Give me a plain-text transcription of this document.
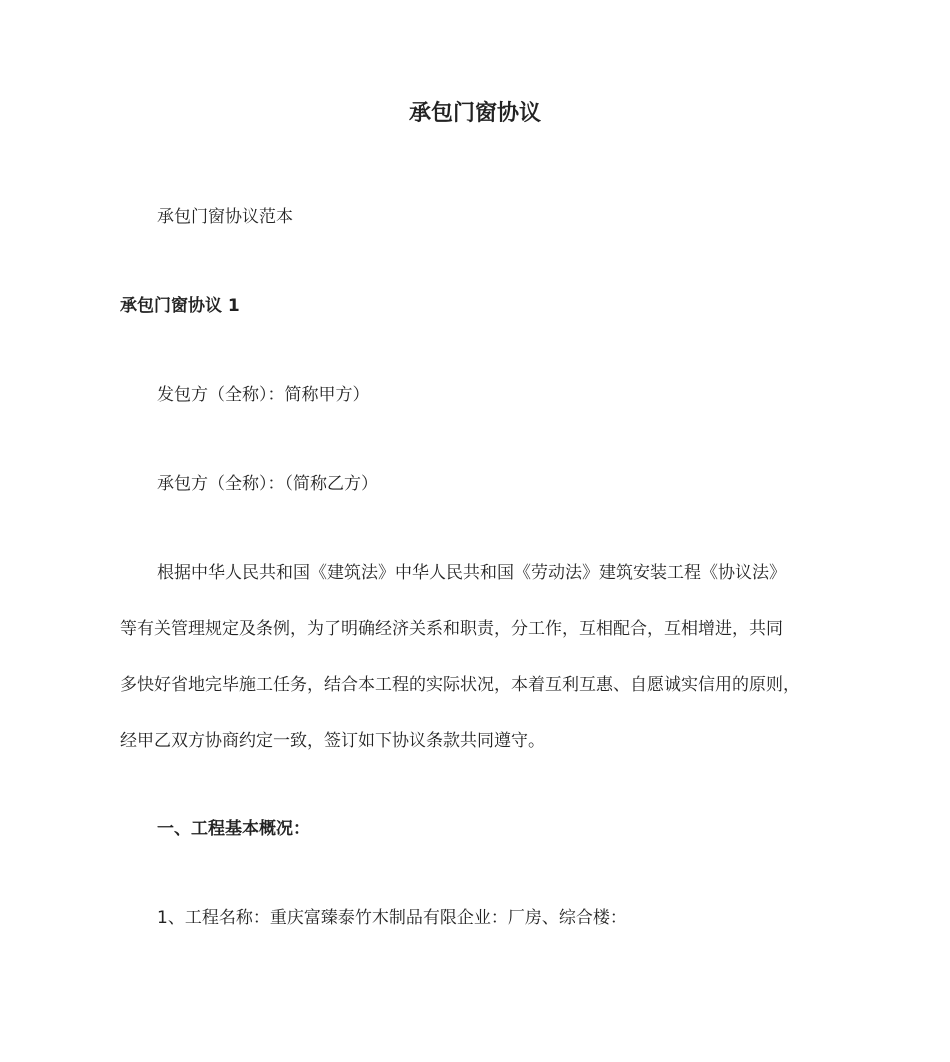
承包门窗协议
承包门窗协议范本
承包门窗协议 1
发包方（全称）：简称甲方）
承包方（全称）：（简称乙方）
根据中华人民共和国《建筑法》中华人民共和国《劳动法》建筑安装工程《协议法》
等有关管理规定及条例，为了明确经济关系和职责，分工作，互相配合，互相增进，共同
多快好省地完毕施工任务，结合本工程的实际状况，本着互利互惠、自愿诚实信用的原则，
经甲乙双方协商约定一致，签订如下协议条款共同遵守。
一、工程基本概况：
1、工程名称：重庆富臻泰竹木制品有限企业：厂房、综合楼：
